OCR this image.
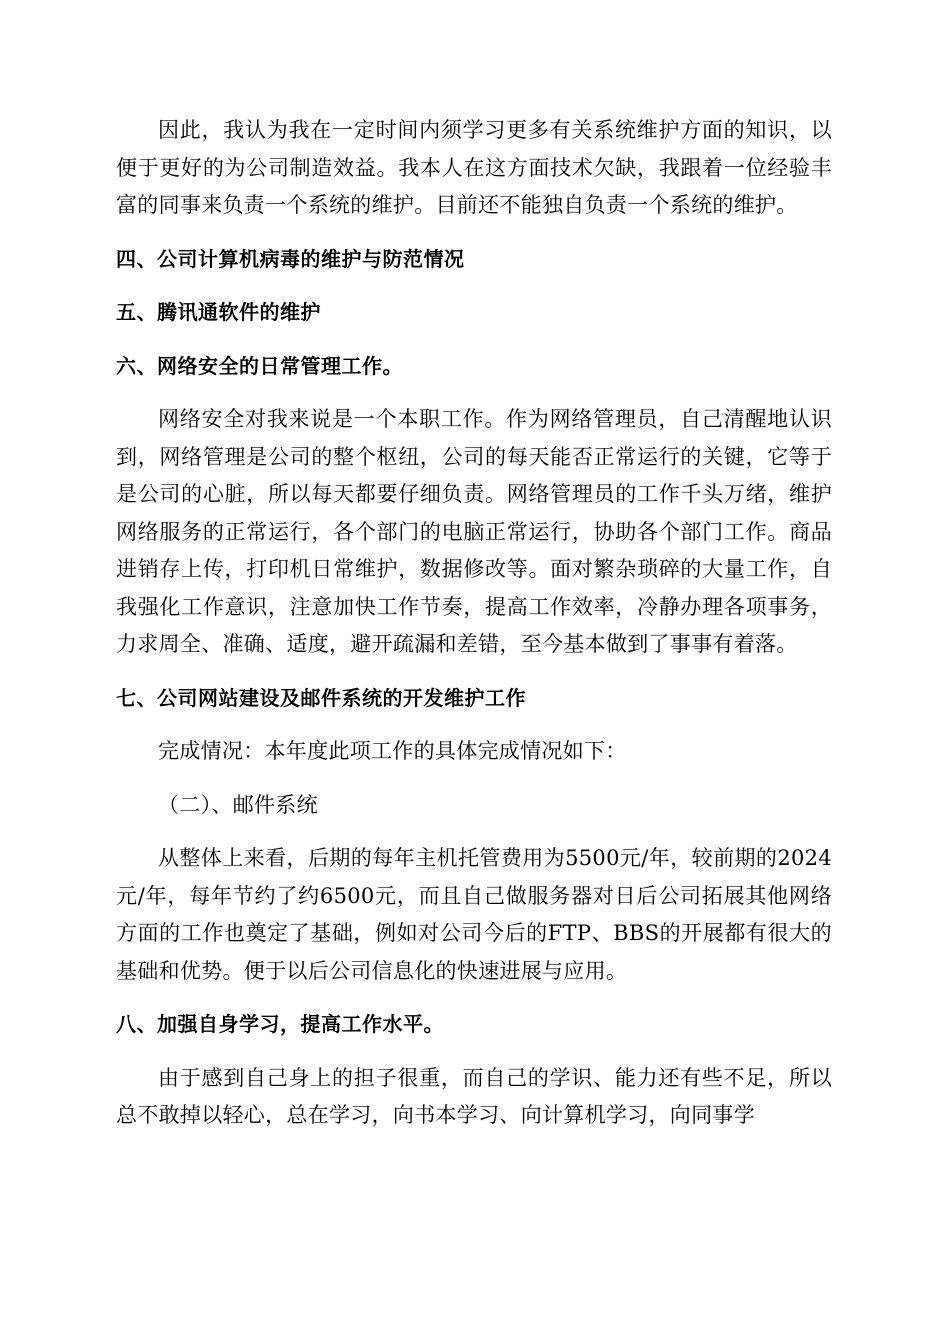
因此，我认为我在一定时间内须学习更多有关系统维护方面的知识，以便于更好的为公司制造效益。我本人在这方面技术欠缺，我跟着一位经验丰富的同事来负责一个系统的维护。目前还不能独自负责一个系统的维护。

四、公司计算机病毒的维护与防范情况
五、腾讯通软件的维护
六、网络安全的日常管理工作。

网络安全对我来说是一个本职工作。作为网络管理员，自己清醒地认识到，网络管理是公司的整个枢纽，公司的每天能否正常运行的关键，它等于是公司的心脏，所以每天都要仔细负责。网络管理员的工作千头万绪，维护网络服务的正常运行，各个部门的电脑正常运行，协助各个部门工作。商品进销存上传，打印机日常维护，数据修改等。面对繁杂琐碎的大量工作，自我强化工作意识，注意加快工作节奏，提高工作效率，冷静办理各项事务，力求周全、准确、适度，避开疏漏和差错，至今基本做到了事事有着落。

七、公司网站建设及邮件系统的开发维护工作

完成情况：本年度此项工作的具体完成情况如下：

（二）、邮件系统

从整体上来看，后期的每年主机托管费用为5500元/年，较前期的2024元/年，每年节约了约6500元，而且自己做服务器对日后公司拓展其他网络方面的工作也奠定了基础，例如对公司今后的FTP、BBS的开展都有很大的基础和优势。便于以后公司信息化的快速进展与应用。

八、加强自身学习，提高工作水平。

由于感到自己身上的担子很重，而自己的学识、能力还有些不足，所以总不敢掉以轻心，总在学习，向书本学习、向计算机学习，向同事学
